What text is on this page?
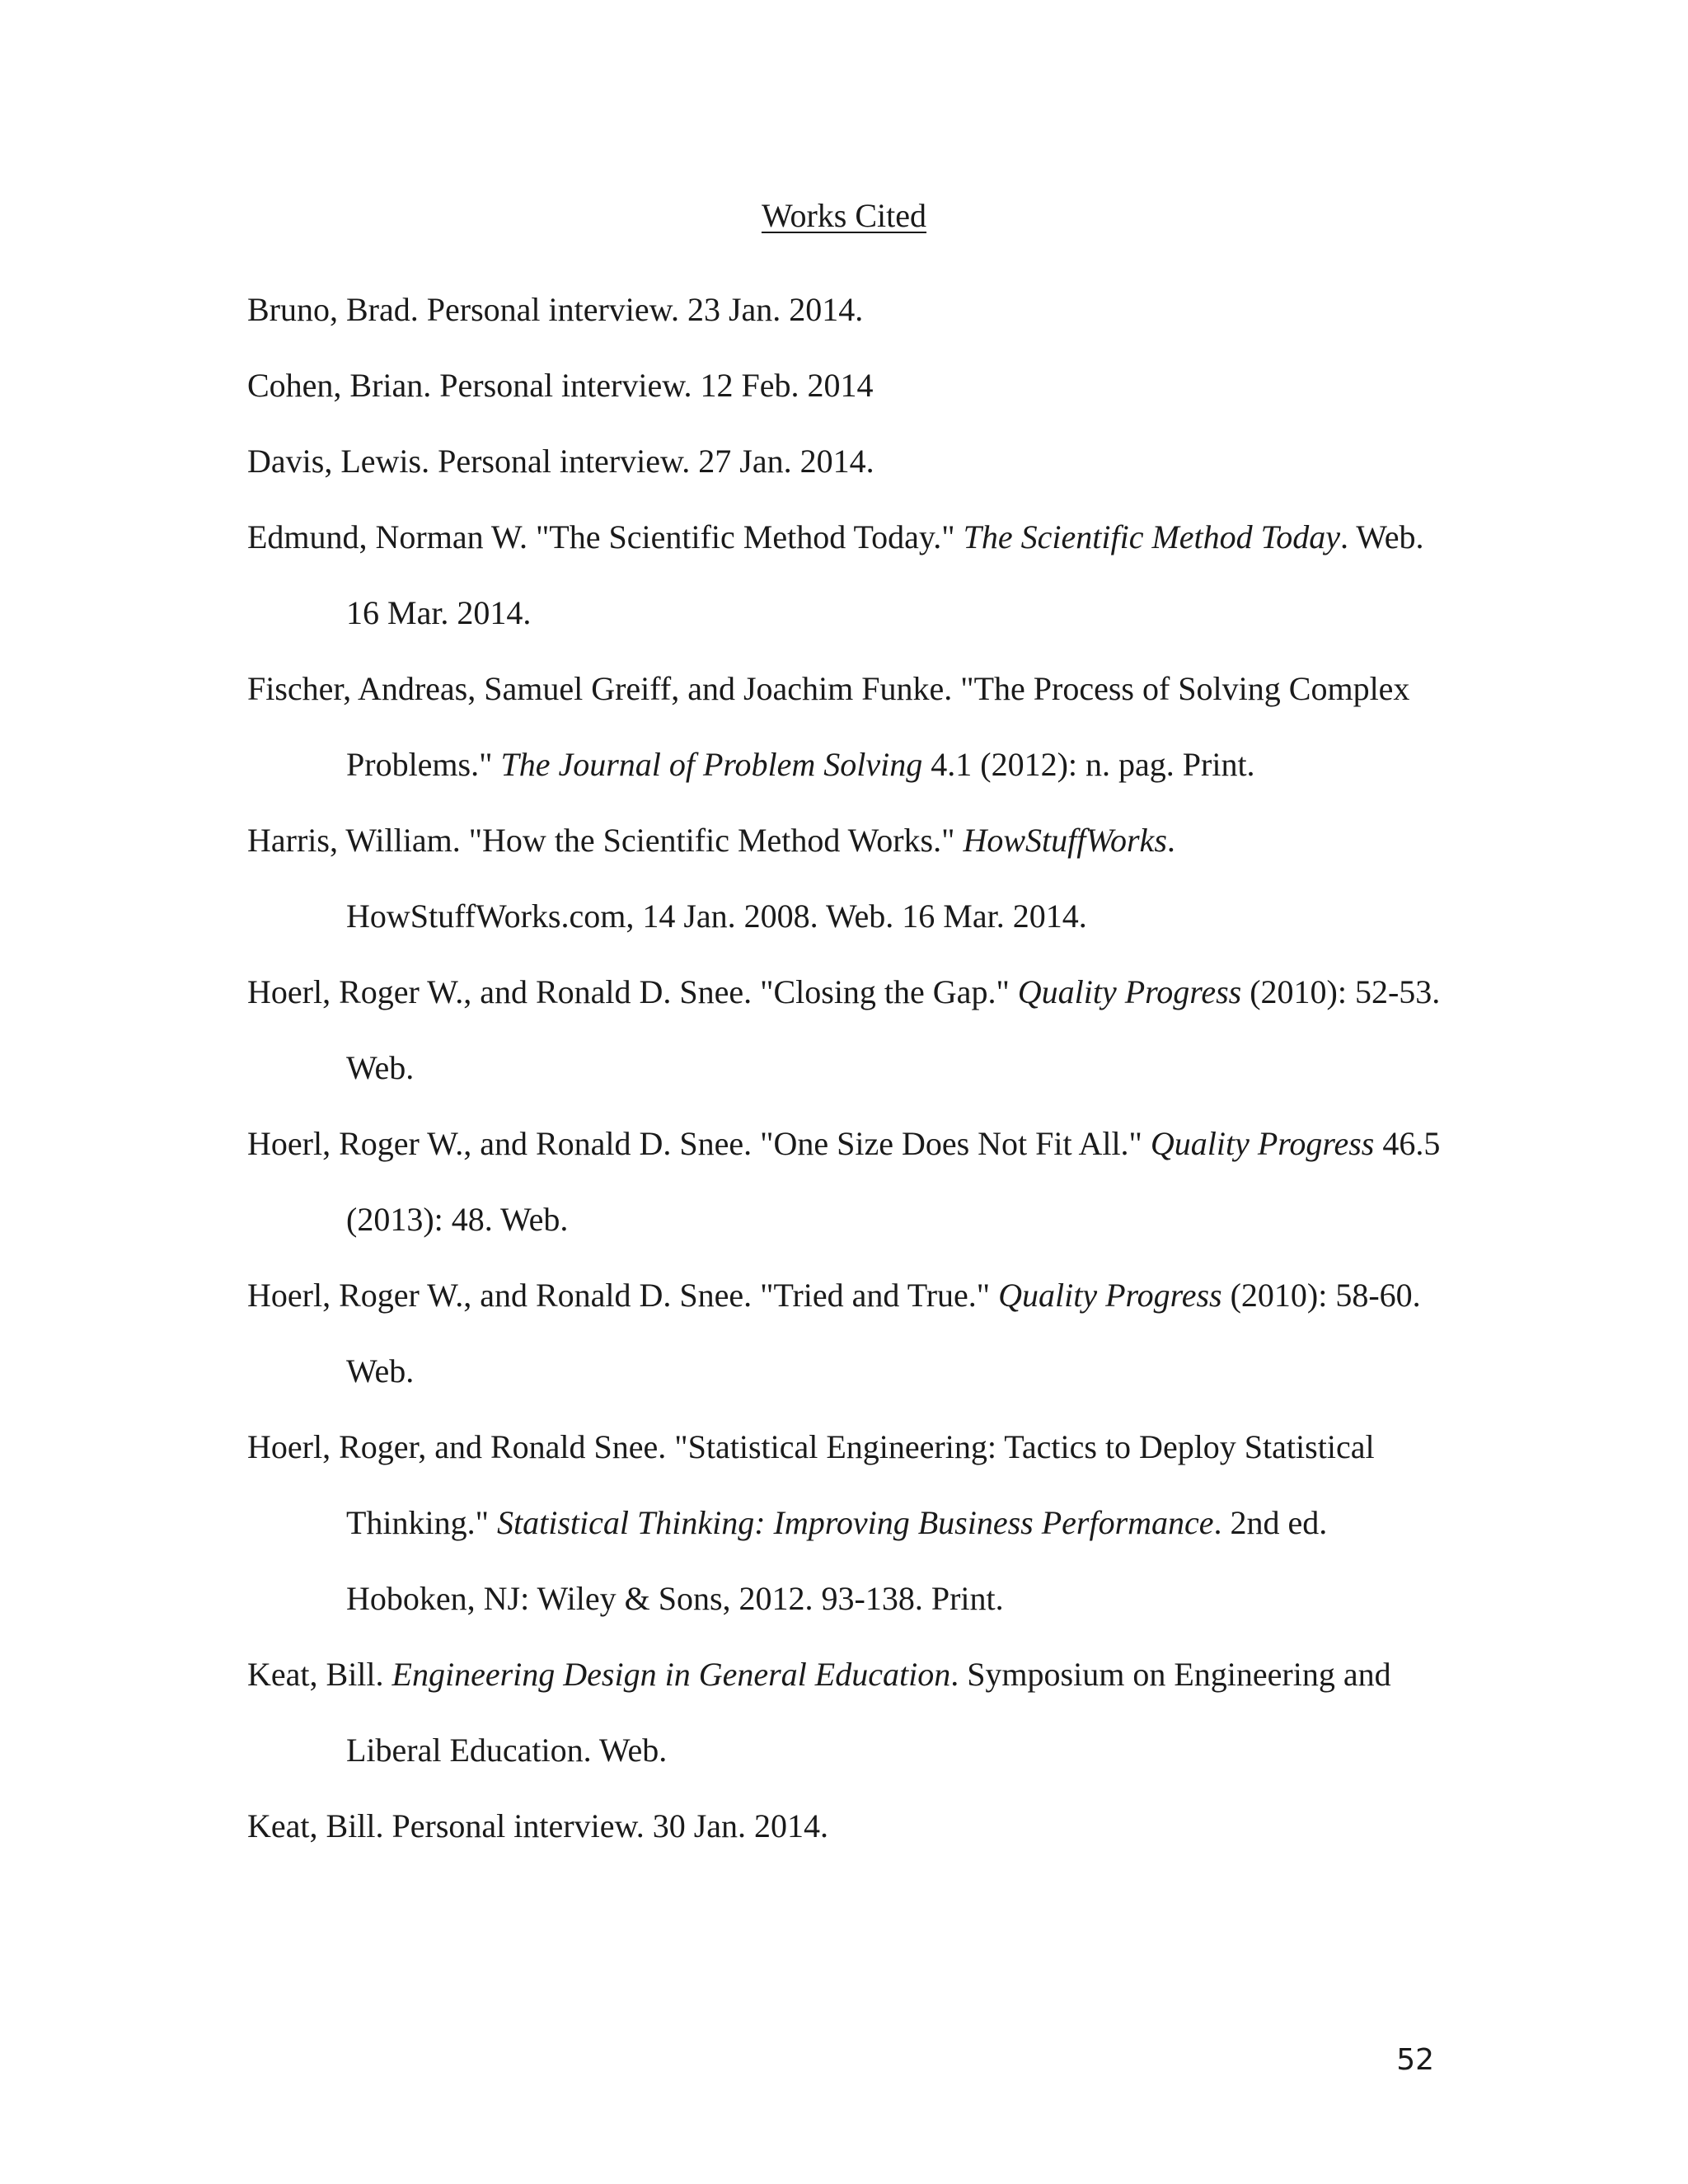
Works Cited

Bruno, Brad. Personal interview. 23 Jan. 2014.

Cohen, Brian. Personal interview. 12 Feb. 2014

Davis, Lewis. Personal interview. 27 Jan. 2014.

Edmund, Norman W. "The Scientific Method Today." The Scientific Method Today. Web. 16 Mar. 2014.

Fischer, Andreas, Samuel Greiff, and Joachim Funke. "The Process of Solving Complex Problems." The Journal of Problem Solving 4.1 (2012): n. pag. Print.

Harris, William. "How the Scientific Method Works." HowStuffWorks. HowStuffWorks.com, 14 Jan. 2008. Web. 16 Mar. 2014.

Hoerl, Roger W., and Ronald D. Snee. "Closing the Gap." Quality Progress (2010): 52-53. Web.

Hoerl, Roger W., and Ronald D. Snee. "One Size Does Not Fit All." Quality Progress 46.5 (2013): 48. Web.

Hoerl, Roger W., and Ronald D. Snee. "Tried and True." Quality Progress (2010): 58-60. Web.

Hoerl, Roger, and Ronald Snee. "Statistical Engineering: Tactics to Deploy Statistical Thinking." Statistical Thinking: Improving Business Performance. 2nd ed. Hoboken, NJ: Wiley & Sons, 2012. 93-138. Print.

Keat, Bill. Engineering Design in General Education. Symposium on Engineering and Liberal Education. Web.

Keat, Bill. Personal interview. 30 Jan. 2014.

52
